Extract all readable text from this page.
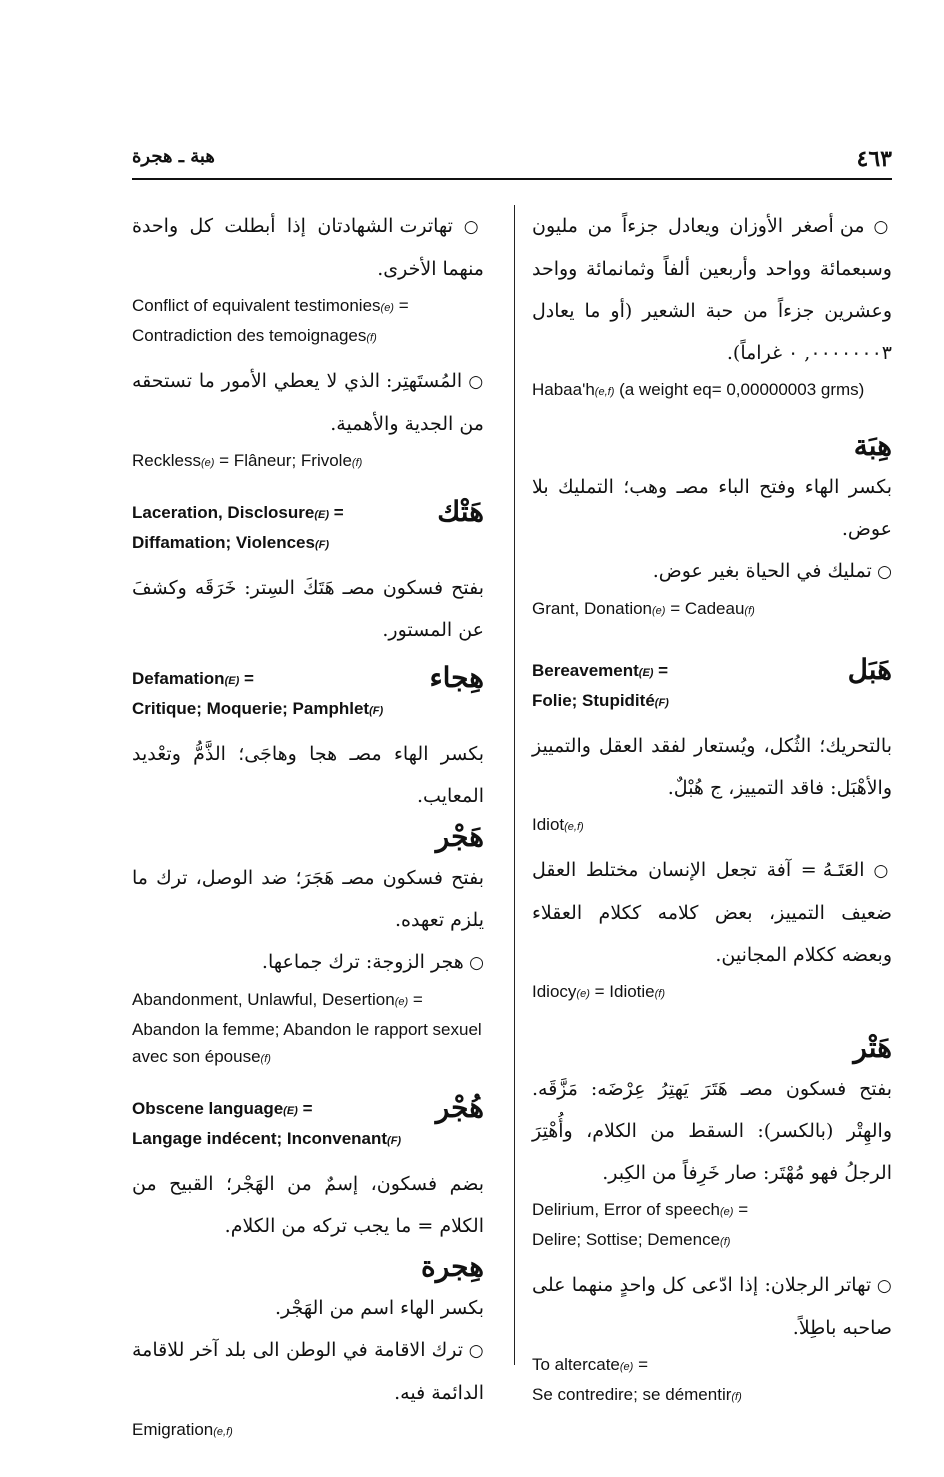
هبة ـ هجرة	٤٦٣

○ من أصغر الأوزان ويعادل جزءاً من مليون وسبعمائة وواحد وأربعين ألفاً وثمانمائة وواحد وعشرين جزءاً من حبة الشعير (أو ما يعادل ٠٠٠٠٠٠٠٣, ٠ غراماً).

Habaa'h(e,f) (a weight eq= 0,00000003 grms)

هِبَة

بكسر الهاء وفتح الباء مصـ وهب؛ التمليك بلا عوض.

○ تمليك في الحياة بغير عوض.

Grant, Donation(e) = Cadeau(f)

هَبَل

Bereavement(E) =
Folie; Stupidité(F)

بالتحريك؛ الثُكل، ويُستعار لفقد العقل والتمييز والأهْبَل: فاقد التمييز، ج هُبْلٌ.

Idiot(e,f)

○ العَتَـهُ = آفة تجعل الإنسان مختلط العقل ضعيف التمييز، بعض كلامه ككلام العقلاء وبعضه ككلام المجانين.

Idiocy(e) = Idiotie(f)

هَتْر

بفتح فسكون مصـ هَتَرَ يَهتِرُ عِرْضَه: مَزَّقَه. والهِتْر (بالكسر): السقط من الكلام، وأُهْتِرَ الرجلُ فهو مُهْتَر: صار خَرِفاً من الكِبر.

Delirium, Error of speech(e) =
Delire; Sottise; Demence(f)

○ تهاتر الرجلان: إذا ادّعى كل واحدٍ منهما على صاحبه باطِلاً.

To altercate(e) =
Se contredire; se démentir(f)

○ تهاترت الشهادتان إذا أبطلت كل واحدة منهما الأخرى.

Conflict of equivalent testimonies(e) =
Contradiction des temoignages(f)

○ المُستَهتِر: الذي لا يعطي الأمور ما تستحقه من الجدية والأهمية.

Reckless(e) = Flâneur; Frivole(f)

هَتْك

Laceration, Disclosure(E) =
Diffamation; Violences(F)

بفتح فسكون مصـ هَتَكَ السِتر: خَرَقَه وكشفَ عن المستور.

هِجاء

Defamation(E) =
Critique; Moquerie; Pamphlet(F)

بكسر الهاء مصـ هجا وهاجَى؛ الذَّمُّ وتعْديد المعايب.

هَجْر

بفتح فسكون مصـ هَجَرَ؛ ضد الوصل، ترك ما يلزم تعهده.

○ هجر الزوجة: ترك جماعها.

Abandonment, Unlawful, Desertion(e) =
Abandon la femme; Abandon le rapport sexuel avec son épouse(f)

هُجْر

Obscene language(E) =
Langage indécent; Inconvenant(F)

بضم فسكون، إسمٌ من الهَجْر؛ القبيح من الكلام = ما يجب تركه من الكلام.

هِجرة

بكسر الهاء اسم من الهَجْر.

○ ترك الاقامة في الوطن الى بلد آخر للاقامة الدائمة فيه.

Emigration(e,f)
